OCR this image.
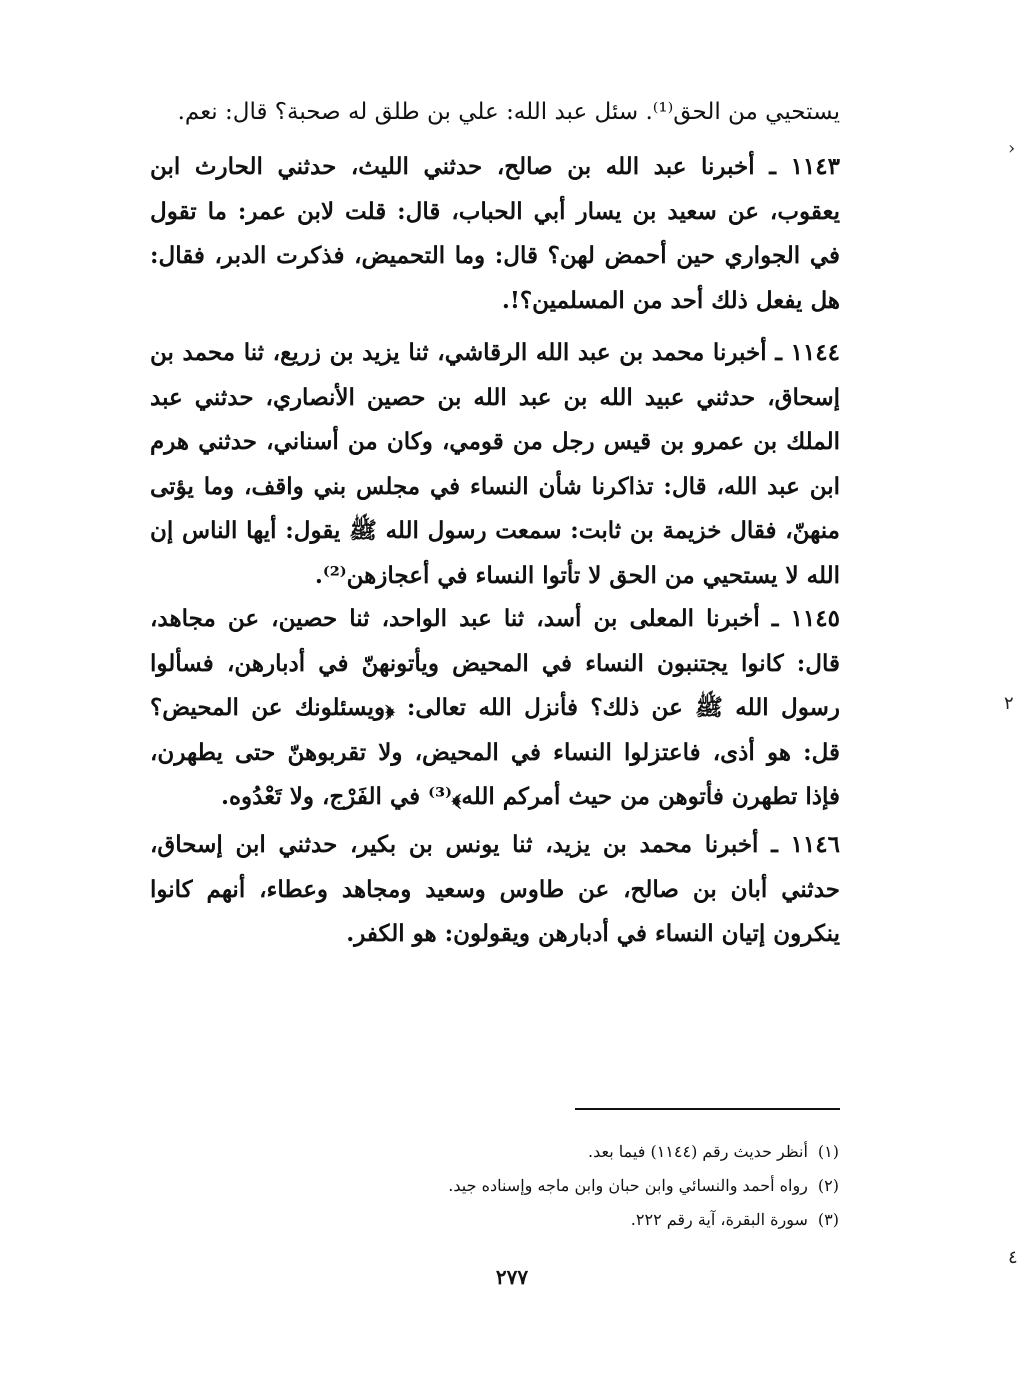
يستحيي من الحق⁽¹⁾. سئل عبد الله: علي بن طلق له صحبة؟ قال: نعم.

١١٤٣ ـ أخبرنا عبد الله بن صالح، حدثني الليث، حدثني الحارث ابن يعقوب، عن سعيد بن يسار أبي الحباب، قال: قلت لابن عمر: ما تقول في الجواري حين أحمض لهن؟ قال: وما التحميض، فذكرت الدبر، فقال: هل يفعل ذلك أحد من المسلمين؟!.

١١٤٤ ـ أخبرنا محمد بن عبد الله الرقاشي، ثنا يزيد بن زريع، ثنا محمد بن إسحاق، حدثني عبيد الله بن عبد الله بن حصين الأنصاري، حدثني عبد الملك بن عمرو بن قيس رجل من قومي، وكان من أسناني، حدثني هرم ابن عبد الله، قال: تذاكرنا شأن النساء في مجلس بني واقف، وما يؤتى منهنّ، فقال خزيمة بن ثابت: سمعت رسول الله ﷺ يقول: أيها الناس إن الله لا يستحيي من الحق لا تأتوا النساء في أعجازهن⁽²⁾.

١١٤٥ ـ أخبرنا المعلى بن أسد، ثنا عبد الواحد، ثنا حصين، عن مجاهد، قال: كانوا يجتنبون النساء في المحيض ويأتونهنّ في أدبارهن، فسألوا رسول الله ﷺ عن ذلك؟ فأنزل الله تعالى: ﴿ويسئلونك عن المحيض؟ قل: هو أذى، فاعتزلوا النساء في المحيض، ولا تقربوهنّ حتى يطهرن، فإذا تطهرن فأتوهن من حيث أمركم الله﴾⁽³⁾ في الفَرْج، ولا تَعْدُوه.

١١٤٦ ـ أخبرنا محمد بن يزيد، ثنا يونس بن بكير، حدثني ابن إسحاق، حدثني أبان بن صالح، عن طاوس وسعيد ومجاهد وعطاء، أنهم كانوا ينكرون إتيان النساء في أدبارهن ويقولون: هو الكفر.

(١)أنظر حديث رقم (١١٤٤) فيما بعد.

(٢)رواه أحمد والنسائي وابن حبان وابن ماجه وإسناده جيد.

(٣)سورة البقرة، آية رقم ٢٢٢.

٢٧٧
›
٢
٤
